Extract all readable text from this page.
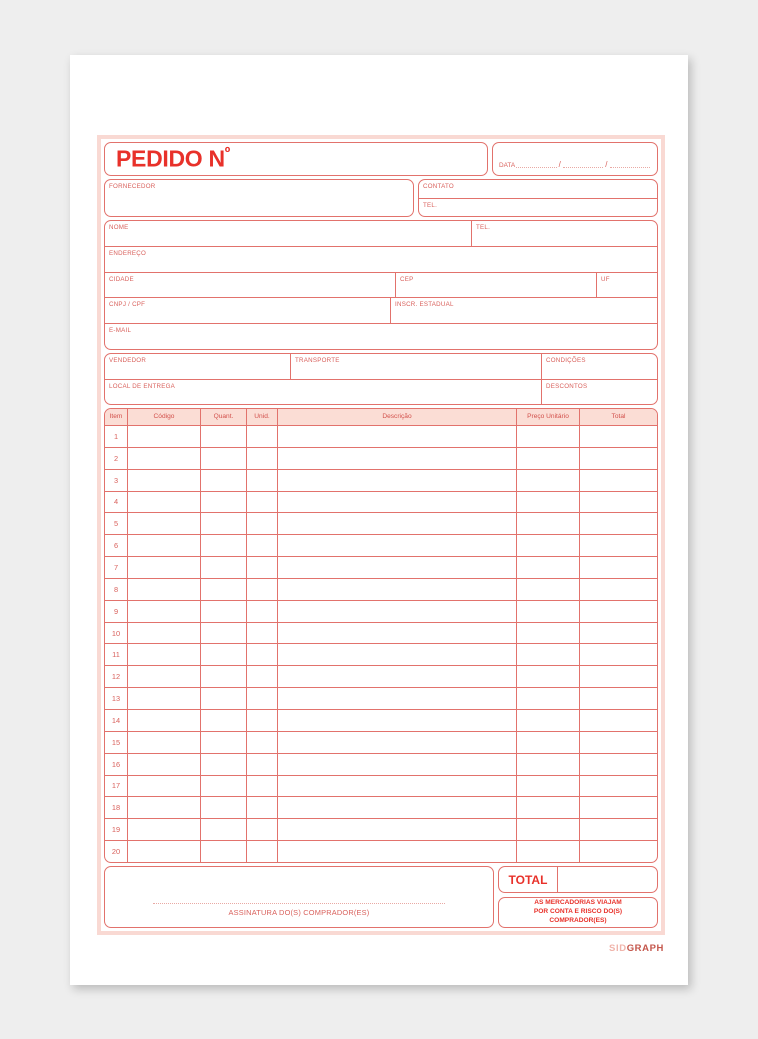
PEDIDO $N^º$
DATA	/	/
FORNECEDOR	CONTATO
TEL.
NOME	TEL.
ENDEREÇO
CIDADE	CEP	UF
CNPJ / CPF	INSCR. ESTADUAL
E-MAIL
VENDEDOR	TRANSPORTE	CONDIÇÕES
LOCAL DE ENTREGA	DESCONTOS
Item	Código	Quant.	Unid.	Descrição	Preço Unitário	Total
1
2
3
4
5
6
7
8
9
10
11
12
13
14
15
16
17
18
19
20
ASSINATURA DO(S) COMPRADOR(ES)
TOTAL
AS MERCADORIAS VIAJAM
POR CONTA E RISCO DO(S)
COMPRADOR(ES)
SIDGRAPH
